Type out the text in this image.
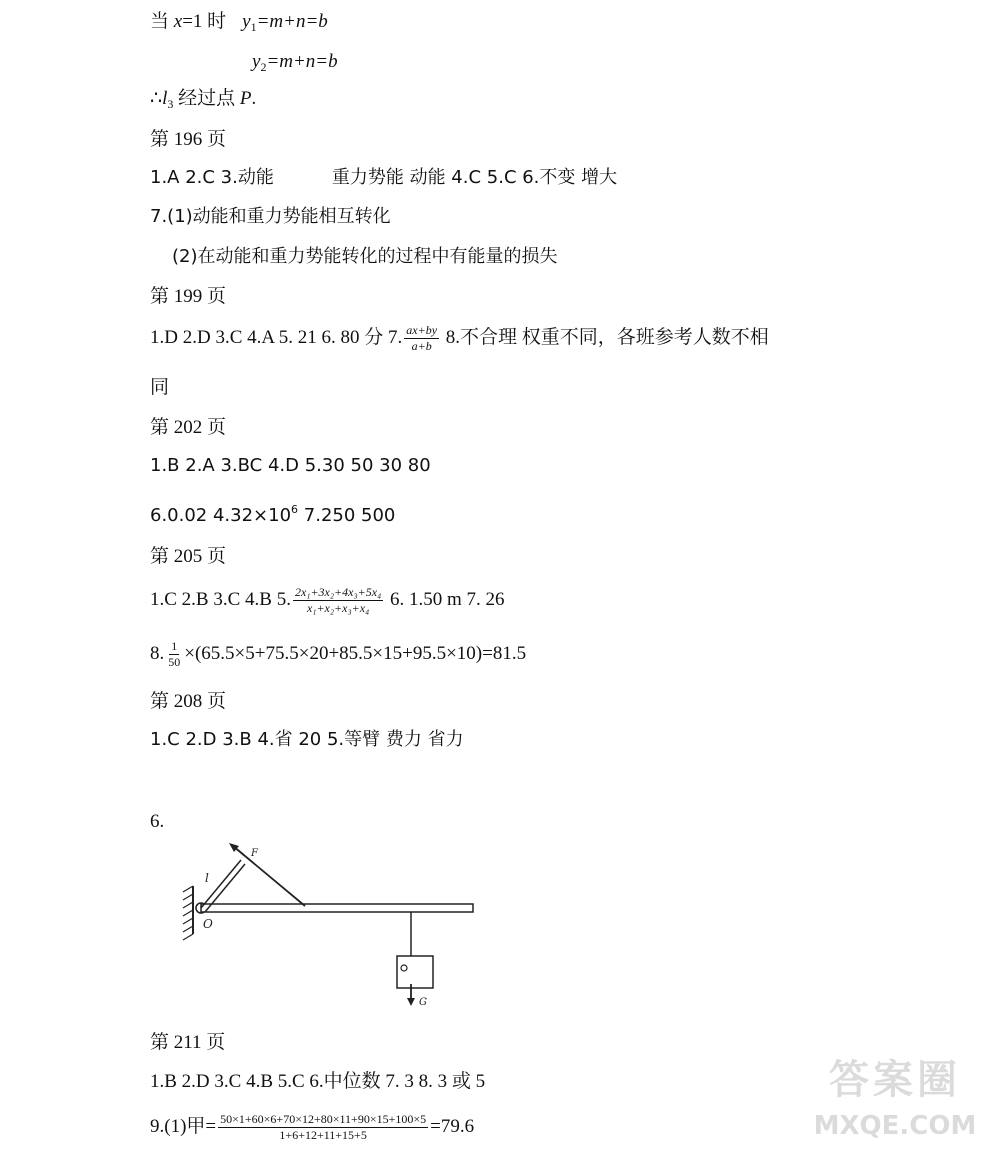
当 x=1 时 $y_1=m+n=b$
$y_2=m+n=b$
$\therefore l_3$ 经过点 P.
第 196 页
1.A 2.C 3.动能	重力势能 动能 4.C 5.C 6.不变 增大
7.(1)动能和重力势能相互转化
(2)在动能和重力势能转化的过程中有能量的损失
第 199 页
1.D 2.D 3.C 4.A 5. 21 6. 80 分 7. $\frac{ax+by}{a+b} 8$.不合理 权重不同，各班参考人数不相
同
第 202 页
1.B 2.A 3.BC 4.D 5.30 50 30 80
6.0.02 $4.32\times 10^6$ 7.250 500
第 205 页
1.C 2.B 3.C 4.B 5. $\frac{\text{2x₁+3x₂+4x₃+5x₄}}{\text{x₁+x₂+x₃+x₄}} 6$. 1.50 m 7. 26
8. $\frac{1}{50} \times(65.5\times 5+75.5\times 20+85.5\times 15+95.5\times 10)=81.5$
第 208 页
1.C 2.D 3.B 4.省 20 5.等臂 费力 省力
6.
F
l
O
G
第 211 页
1.B 2.D 3.C 4.B 5.C 6.中位数 7. 3 8. 3 或 5
9.(1)甲= $\frac{50\times 1+60\times 6+70\times 12+80\times 11+90\times 15+100\times 5}{1+6+12+11+15+5} =79.6$
答案圈
MXQE.COM
